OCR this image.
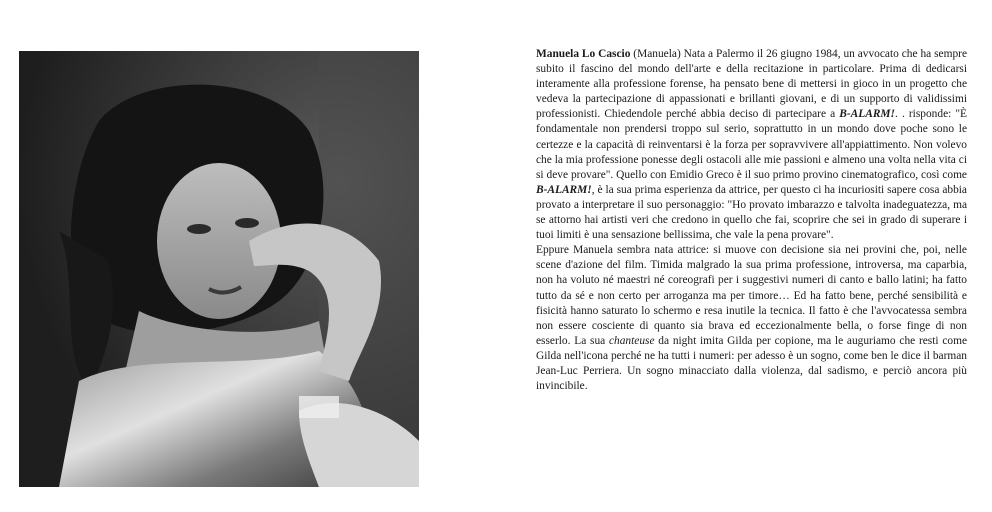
Manuela Lo Cascio (Manuela) Nata a Palermo il 26 giugno 1984, un avvocato che ha sempre subito il fascino del mondo dell'arte e della recitazione in particolare. Prima di dedicarsi interamente alla professione forense, ha pensato bene di mettersi in gioco in un progetto che vedeva la partecipazione di appassionati e brillanti giovani, e di un supporto di validissimi professionisti. Chiedendole perché abbia deciso di partecipare a B-ALARM!. . risponde: "È fondamentale non prendersi troppo sul serio, soprattutto in un mondo dove poche sono le certezze e la capacità di reinventarsi è la forza per sopravvivere all'appiattimento. Non volevo che la mia professione ponesse degli ostacoli alle mie passioni e almeno una volta nella vita ci si deve provare". Quello con Emidio Greco è il suo primo provino cinematografico, così come B-ALARM!, è la sua prima esperienza da attrice, per questo ci ha incuriositi sapere cosa abbia provato a interpretare il suo personaggio: "Ho provato imbarazzo e talvolta inadeguatezza, ma se attorno hai artisti veri che credono in quello che fai, scoprire che sei in grado di superare i tuoi limiti è una sensazione bellissima, che vale la pena provare".

Eppure Manuela sembra nata attrice: si muove con decisione sia nei provini che, poi, nelle scene d'azione del film. Timida malgrado la sua prima professione, introversa, ma caparbia, non ha voluto né maestri né coreografi per i suggestivi numeri di canto e ballo latini; ha fatto tutto da sé e non certo per arroganza ma per timore… Ed ha fatto bene, perché sensibilità e fisicità hanno saturato lo schermo e resa inutile la tecnica. Il fatto è che l'avvocatessa sembra non essere cosciente di quanto sia brava ed eccezionalmente bella, o forse finge di non esserlo. La sua chanteuse da night imita Gilda per copione, ma le auguriamo che resti come Gilda nell'icona perché ne ha tutti i numeri: per adesso è un sogno, come ben le dice il barman Jean-Luc Perriera. Un sogno minacciato dalla violenza, dal sadismo, e perciò ancora più invincibile.
